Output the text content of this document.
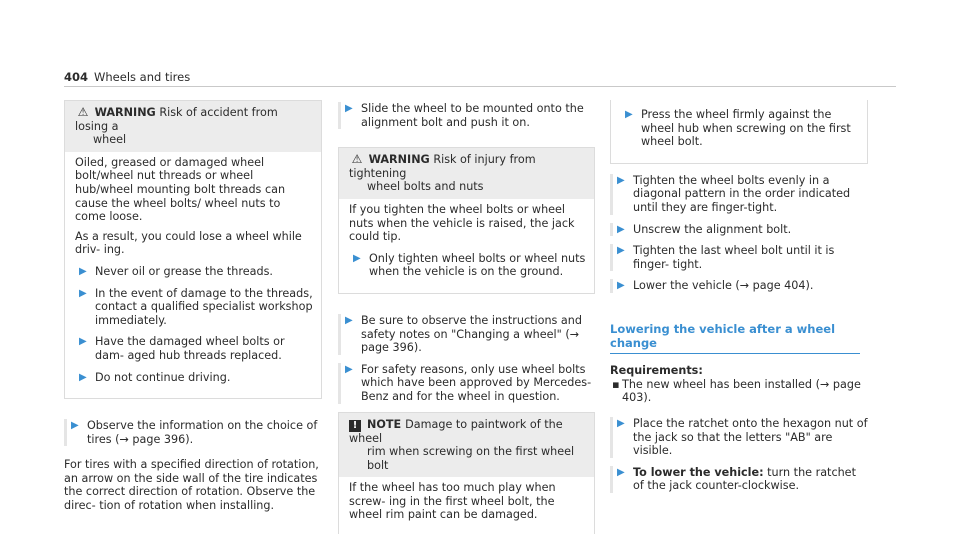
404 Wheels and tires
⚠ WARNING Risk of accident from losing a
wheel

Oiled, greased or damaged wheel bolt/wheel nut threads or wheel hub/wheel mounting bolt threads can cause the wheel bolts/ wheel nuts to come loose.

As a result, you could lose a wheel while driv- ing.

▶ Never oil or grease the threads.
▶ In the event of damage to the threads, contact a qualified specialist workshop immediately.
▶ Have the damaged wheel bolts or dam- aged hub threads replaced.
▶ Do not continue driving.
▶ Observe the information on the choice of tires (→ page 396).

For tires with a specified direction of rotation, an arrow on the side wall of the tire indicates the correct direction of rotation. Observe the direc- tion of rotation when installing.

▶ Slide the wheel to be mounted onto the alignment bolt and push it on.
⚠ WARNING Risk of injury from tightening
wheel bolts and nuts

If you tighten the wheel bolts or wheel nuts when the vehicle is raised, the jack could tip.

▶ Only tighten wheel bolts or wheel nuts when the vehicle is on the ground.
▶ Be sure to observe the instructions and safety notes on "Changing a wheel" (→ page 396).
▶ For safety reasons, only use wheel bolts which have been approved by Mercedes- Benz and for the wheel in question.
! NOTE Damage to paintwork of the wheel
rim when screwing on the first wheel bolt

If the wheel has too much play when screw- ing in the first wheel bolt, the wheel rim paint can be damaged.

▶ Press the wheel firmly against the wheel hub when screwing on the first wheel bolt.
▶ Tighten the wheel bolts evenly in a diagonal pattern in the order indicated until they are finger-tight.
▶ Unscrew the alignment bolt.
▶ Tighten the last wheel bolt until it is finger- tight.
▶ Lower the vehicle (→ page 404).
Lowering the vehicle after a wheel change
Requirements:
▪ The new wheel has been installed (→ page 403).
▶ Place the ratchet onto the hexagon nut of the jack so that the letters "AB" are visible.
▶ To lower the vehicle: turn the ratchet of the jack counter-clockwise.
